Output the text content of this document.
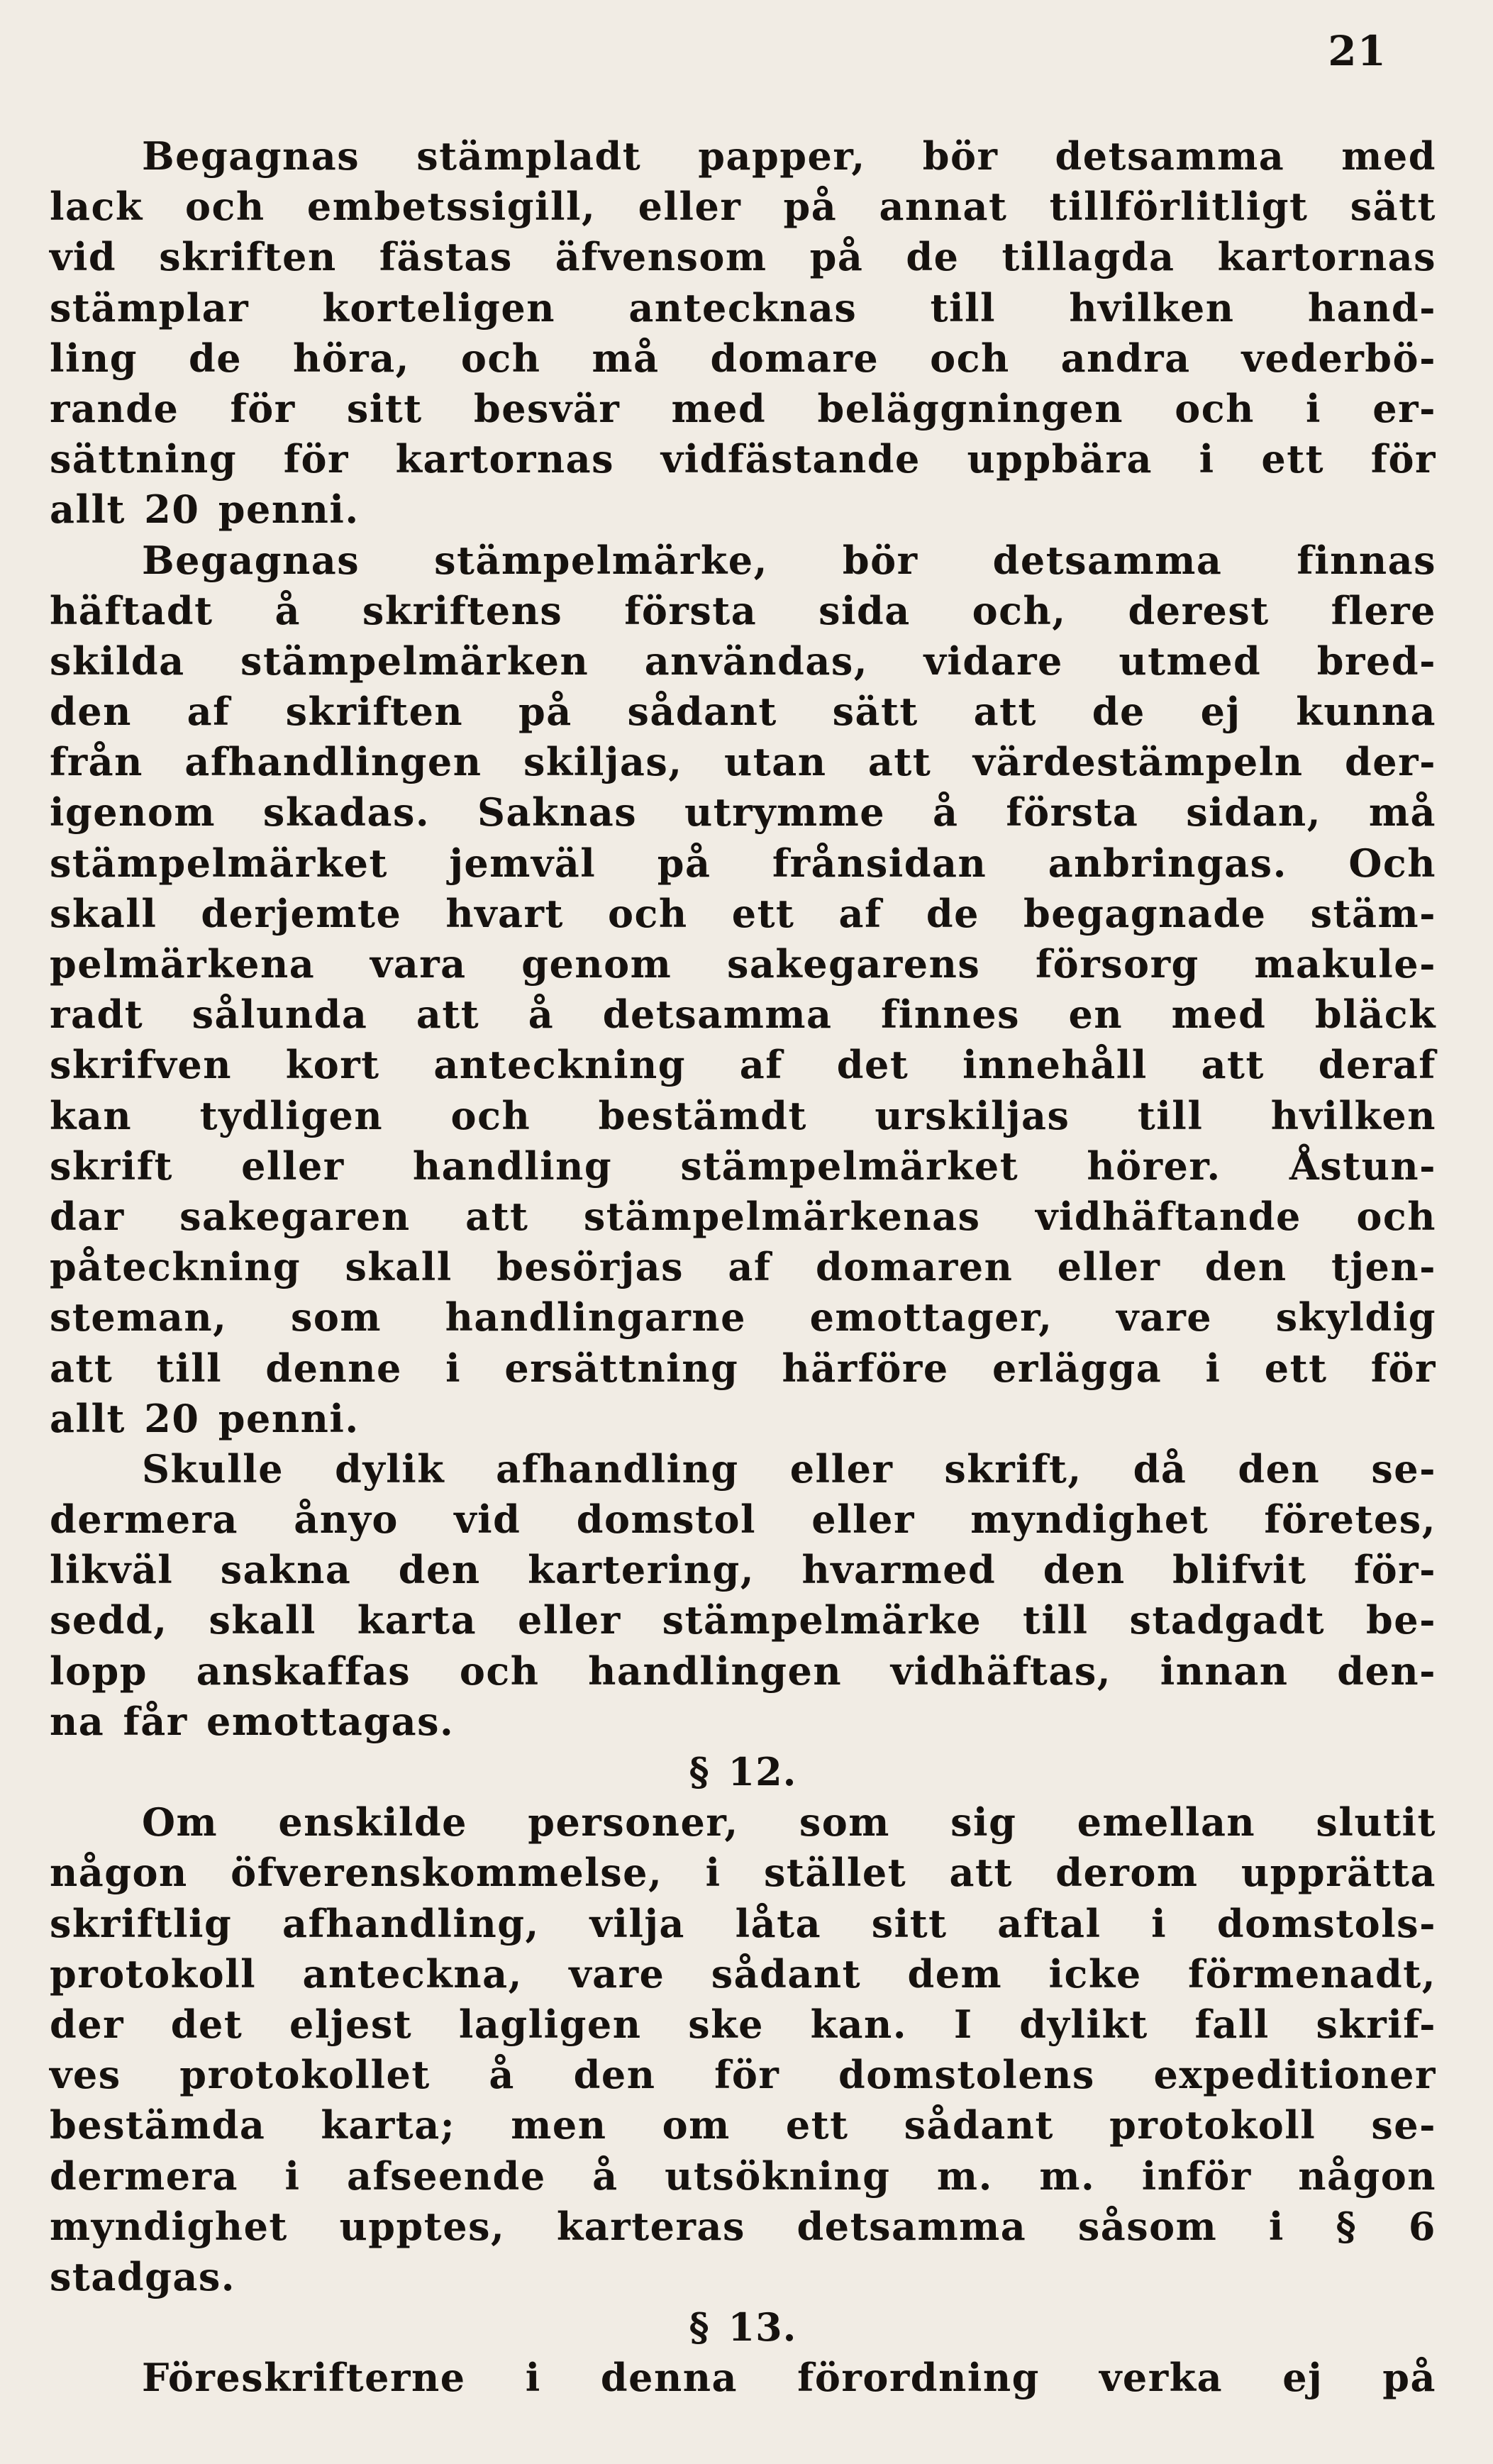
21
Begagnas stämpladt papper, bör detsamma med
lack och embetssigill, eller på annat tillförlitligt sätt
vid skriften fästas äfvensom på de tillagda kartornas
stämplar korteligen antecknas till hvilken hand-
ling de höra, och må domare och andra vederbö-
rande för sitt besvär med beläggningen och i er-
sättning för kartornas vidfästande uppbära i ett för
allt 20 penni.
Begagnas stämpelmärke, bör detsamma finnas
häftadt å skriftens första sida och, derest flere
skilda stämpelmärken användas, vidare utmed bred-
den af skriften på sådant sätt att de ej kunna
från afhandlingen skiljas, utan att värdestämpeln der-
igenom skadas. Saknas utrymme å första sidan, må
stämpelmärket jemväl på frånsidan anbringas. Och
skall derjemte hvart och ett af de begagnade stäm-
pelmärkena vara genom sakegarens försorg makule-
radt sålunda att å detsamma finnes en med bläck
skrifven kort anteckning af det innehåll att deraf
kan tydligen och bestämdt urskiljas till hvilken
skrift eller handling stämpelmärket hörer. Åstun-
dar sakegaren att stämpelmärkenas vidhäftande och
påteckning skall besörjas af domaren eller den tjen-
steman, som handlingarne emottager, vare skyldig
att till denne i ersättning härföre erlägga i ett för
allt 20 penni.
Skulle dylik afhandling eller skrift, då den se-
dermera ånyo vid domstol eller myndighet företes,
likväl sakna den kartering, hvarmed den blifvit för-
sedd, skall karta eller stämpelmärke till stadgadt be-
lopp anskaffas och handlingen vidhäftas, innan den-
na får emottagas.
§ 12.
Om enskilde personer, som sig emellan slutit
någon öfverenskommelse, i stället att derom upprätta
skriftlig afhandling, vilja låta sitt aftal i domstols-
protokoll anteckna, vare sådant dem icke förmenadt,
der det eljest lagligen ske kan. I dylikt fall skrif-
ves protokollet å den för domstolens expeditioner
bestämda karta; men om ett sådant protokoll se-
dermera i afseende å utsökning m. m. inför någon
myndighet upptes, karteras detsamma såsom i § 6
stadgas.
§ 13.
Föreskrifterne i denna förordning verka ej på
